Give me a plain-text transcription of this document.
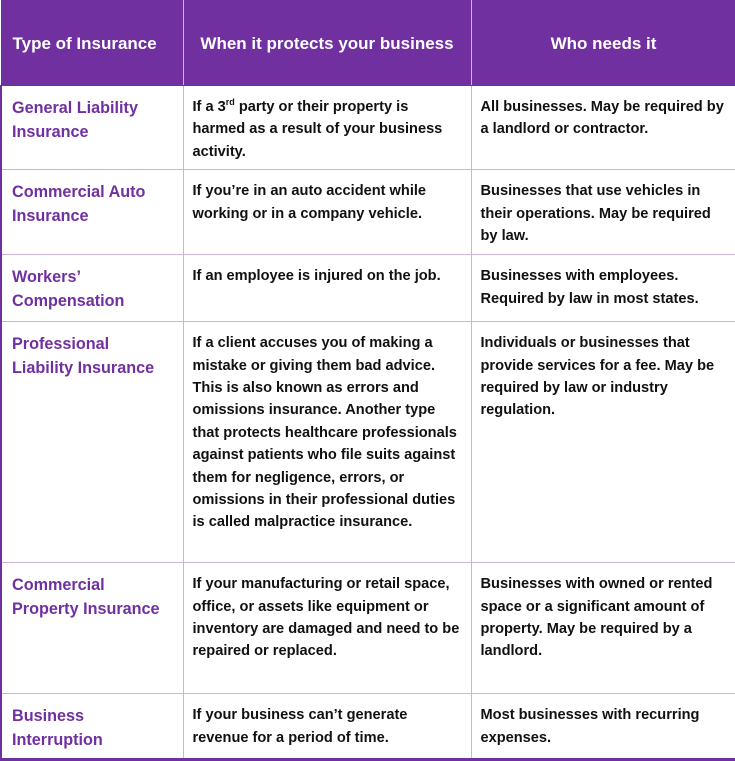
Type of Insurance	When it protects your business	Who needs it
General Liability Insurance	If a 3rd party or their property is harmed as a result of your business activity.	All businesses. May be required by a landlord or contractor.
Commercial Auto Insurance	If you’re in an auto accident while working or in a company vehicle.	Businesses that use vehicles in their operations. May be required by law.
Workers’ Compensation	If an employee is injured on the job.	Businesses with employees. Required by law in most states.
Professional Liability Insurance	If a client accuses you of making a mistake or giving them bad advice. This is also known as errors and omissions insurance. Another type that protects healthcare professionals against patients who file suits against them for negligence, errors, or omissions in their professional duties is called malpractice insurance.	Individuals or businesses that provide services for a fee. May be required by law or industry regulation.
Commercial Property Insurance	If your manufacturing or retail space, office, or assets like equipment or inventory are damaged and need to be repaired or replaced.	Businesses with owned or rented space or a significant amount of property. May be required by a landlord.
Business Interruption	If your business can’t generate revenue for a period of time.	Most businesses with recurring expenses.
